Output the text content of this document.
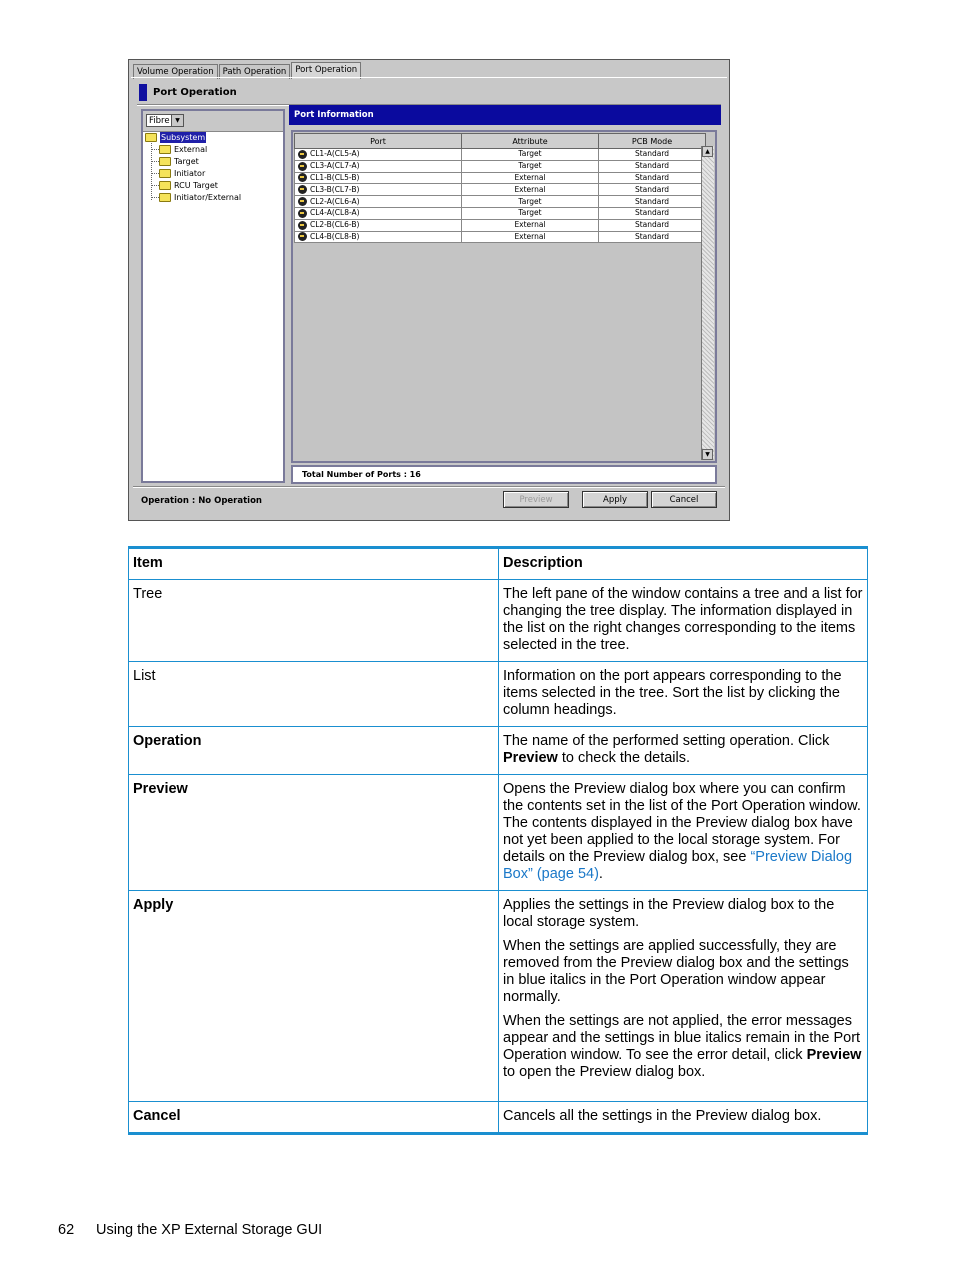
Volume Operation	Path Operation	Port Operation
Port Operation
Fibre ▼
Subsystem
External
Target
Initiator
RCU Target
Initiator/External
Port Information
Port	Attribute	PCB Mode
CL1-A(CL5-A)	Target	Standard
CL3-A(CL7-A)	Target	Standard
CL1-B(CL5-B)	External	Standard
CL3-B(CL7-B)	External	Standard
CL2-A(CL6-A)	Target	Standard
CL4-A(CL8-A)	Target	Standard
CL2-B(CL6-B)	External	Standard
CL4-B(CL8-B)	External	Standard
▲
▼
Total Number of Ports : 16
Operation : No Operation	Preview	Apply	Cancel
Item	Description
Tree	The left pane of the window contains a tree and a list for changing the tree display. The information displayed in the list on the right changes corresponding to the items selected in the tree.
List	Information on the port appears corresponding to the items selected in the tree. Sort the list by clicking the column headings.
Operation	The name of the performed setting operation. Click Preview to check the details.
Preview	Opens the Preview dialog box where you can confirm the contents set in the list of the Port Operation window. The contents displayed in the Preview dialog box have not yet been applied to the local storage system. For details on the Preview dialog box, see “Preview Dialog Box” (page 54).
Apply	Applies the settings in the Preview dialog box to the local storage system.

When the settings are applied successfully, they are removed from the Preview dialog box and the settings in blue italics in the Port Operation window appear normally.

When the settings are not applied, the error messages appear and the settings in blue italics remain in the Port Operation window. To see the error detail, click Preview to open the Preview dialog box.

Cancel	Cancels all the settings in the Preview dialog box.
62 Using the XP External Storage GUI
